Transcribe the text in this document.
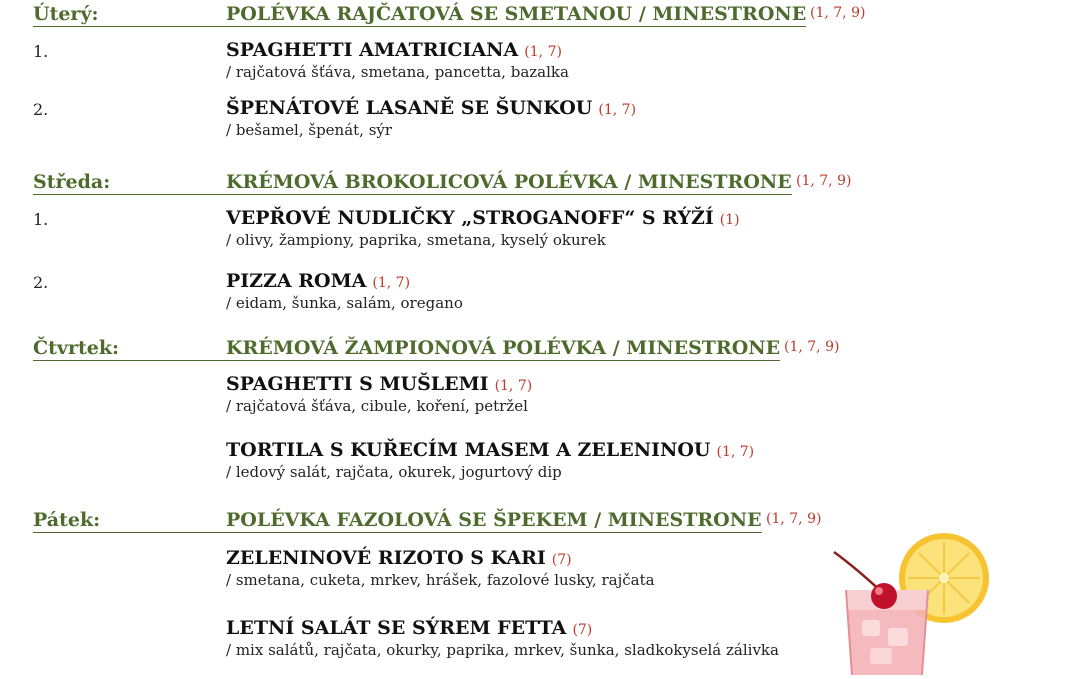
Úterý:	POLÉVKA RAJČATOVÁ SE SMETANOU / MINESTRONE (1, 7, 9)
1.	SPAGHETTI AMATRICIANA (1, 7)
/ rajčatová šťáva, smetana, pancetta, bazalka
2.	ŠPENÁTOVÉ LASANĚ SE ŠUNKOU (1, 7)
/ bešamel, špenát, sýr
Středa:	KRÉMOVÁ BROKOLICOVÁ POLÉVKA / MINESTRONE (1, 7, 9)
1.	VEPŘOVÉ NUDLIČKY „STROGANOFF“ S RÝŽÍ (1)
/ olivy, žampiony, paprika, smetana, kyselý okurek
2.	PIZZA ROMA (1, 7)
/ eidam, šunka, salám, oregano
Čtvrtek:	KRÉMOVÁ ŽAMPIONOVÁ POLÉVKA / MINESTRONE (1, 7, 9)
SPAGHETTI S MUŠLEMI (1, 7)
/ rajčatová šťáva, cibule, koření, petržel
TORTILA S KUŘECÍM MASEM A ZELENINOU (1, 7)
/ ledový salát, rajčata, okurek, jogurtový dip
Pátek:	POLÉVKA FAZOLOVÁ SE ŠPEKEM / MINESTRONE (1, 7, 9)
ZELENINOVÉ RIZOTO S KARI (7)
/ smetana, cuketa, mrkev, hrášek, fazolové lusky, rajčata
LETNÍ SALÁT SE SÝREM FETTA (7)
/ mix salátů, rajčata, okurky, paprika, mrkev, šunka, sladkokyselá zálivka
